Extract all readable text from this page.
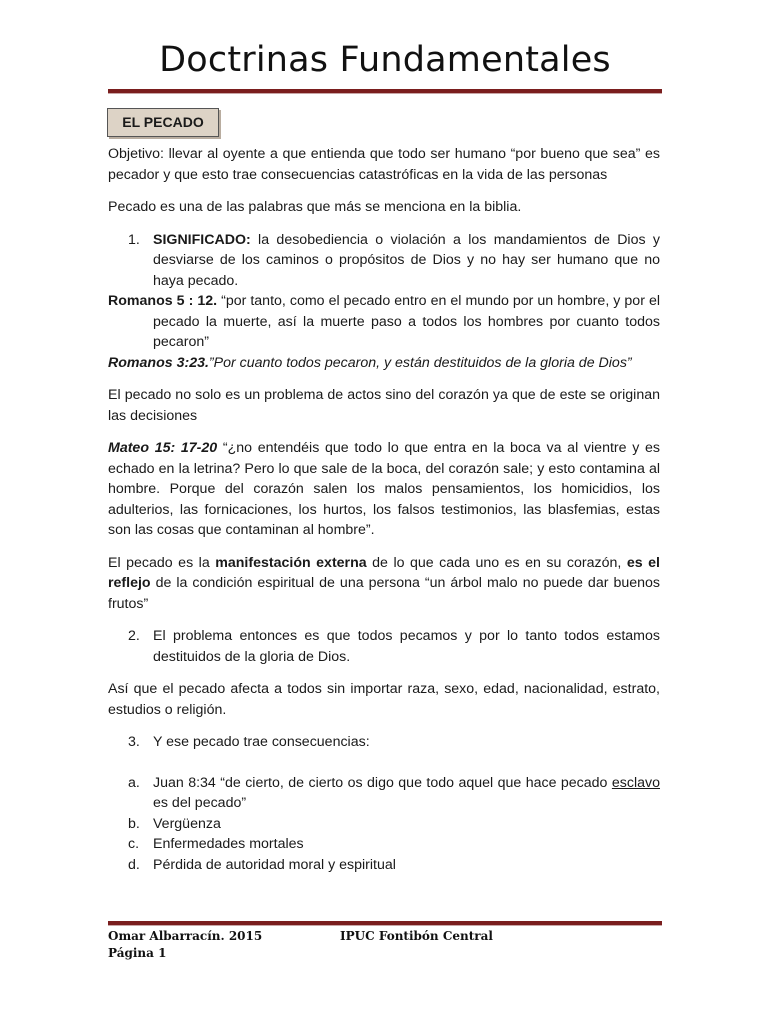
Doctrinas Fundamentales
EL PECADO

Objetivo: llevar al oyente a que entienda que todo ser humano “por bueno que sea” es pecador y que esto trae consecuencias catastróficas en la vida de las personas

Pecado es una de las palabras que más se menciona en la biblia.

1. SIGNIFICADO: la desobediencia o violación a los mandamientos de Dios y desviarse de los caminos o propósitos de Dios y no hay ser humano que no haya pecado.

Romanos 5 : 12. “por tanto, como el pecado entro en el mundo por un hombre, y por el pecado la muerte, así la muerte paso a todos los hombres por cuanto todos pecaron”

Romanos 3:23.”Por cuanto todos pecaron, y están destituidos de la gloria de Dios”

El pecado no solo es un problema de actos sino del corazón ya que de este se originan las decisiones

Mateo 15: 17-20 “¿no entendéis que todo lo que entra en la boca va al vientre y es echado en la letrina? Pero lo que sale de la boca, del corazón sale; y esto contamina al hombre. Porque del corazón salen los malos pensamientos, los homicidios, los adulterios, las fornicaciones, los hurtos, los falsos testimonios, las blasfemias, estas son las cosas que contaminan al hombre”.

El pecado es la manifestación externa de lo que cada uno es en su corazón, es el reflejo de la condición espiritual de una persona “un árbol malo no puede dar buenos frutos”

2. El problema entonces es que todos pecamos y por lo tanto todos estamos destituidos de la gloria de Dios.

Así que el pecado afecta a todos sin importar raza, sexo, edad, nacionalidad, estrato, estudios o religión.

3. Y ese pecado trae consecuencias:

a. Juan 8:34 “de cierto, de cierto os digo que todo aquel que hace pecado esclavo es del pecado”

b. Vergüenza

c. Enfermedades mortales

d. Pérdida de autoridad moral y espiritual

Omar Albarracín. 2015	IPUC Fontibón Central
Página 1
